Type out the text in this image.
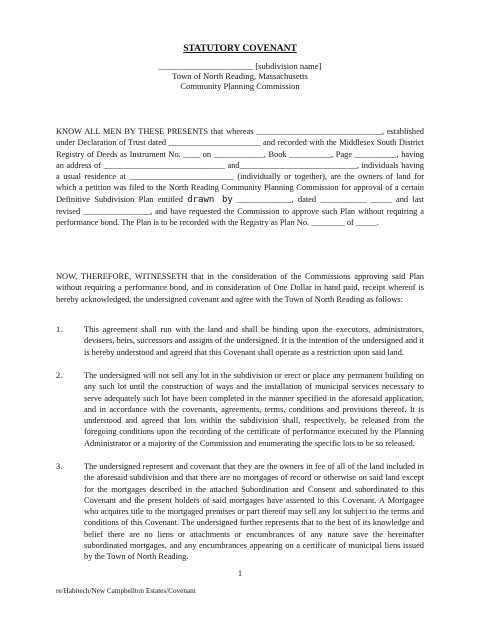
STATUTORY COVENANT
______________________ [subdivision name]
Town of North Reading, Massachusetts
Community Planning Commission
KNOW ALL MEN BY THESE PRESENTS that whereas ______________________________, established under Declaration of Trust dated ______________________ and recorded with the Middlesex South District Registry of Deeds as Instrument No. ____ on ____________, Book __________, Page __________, having an address of _____________________________ and____________________________, individuals having a usual residence at _________________________ (individually or together), are the owners of land for which a petition was filed to the North Reading Community Planning Commission for approval of a certain Definitive Subdivision Plan entitled drawn by _____________, dated ___________ _____ and last revised ________________, and have requested the Commission to approve such Plan without requiring a performance bond. The Plan is to be recorded with the Registry as Plan No. ________ of _____.
NOW, THEREFORE, WITNESSETH that in the consideration of the Commissions approving said Plan without requiring a performance bond, and in consideration of One Dollar in hand paid, receipt whereof is hereby acknowledged, the undersigned covenant and agree with the Town of North Reading as follows:
1.	This agreement shall run with the land and shall be binding upon the executors, administrators, devisees, heirs, successors and assigns of the undersigned. It is the intention of the undersigned and it is hereby understood and agreed that this Covenant shall operate as a restriction upon said land.
2.	The undersigned will not sell any lot in the subdivision or erect or place any permanent building on any such lot until the construction of ways and the installation of municipal services necessary to serve adequately such lot have been completed in the manner specified in the aforesaid application, and in accordance with the covenants, agreements, terms, conditions and provisions thereof. It is understood and agreed that lots within the subdivision shall, respectively, be released from the foregoing conditions upon the recording of the certificate of performance executed by the Planning Administrator or a majority of the Commission and enumerating the specific lots to be so released.
3.	The undersigned represent and covenant that they are the owners in fee of all of the land included in the aforesaid subdivision and that there are no mortgages of record or otherwise on said land except for the mortgages described in the attached Subordination and Consent and subordinated to this Covenant and the present holders of said mortgages have assented to this Covenant. A Mortgagee who acquires title to the mortgaged premises or part thereof may sell any lot subject to the terms and conditions of this Covenant. The undersigned further represents that to the best of its knowledge and belief there are no liens or attachments or encumbrances of any nature save the hereinafter subordinated mortgages, and any encumbrances appearing on a certificate of municipal liens issued by the Town of North Reading.
1
re/Habitech/New Campbellton Estates/Covenant
